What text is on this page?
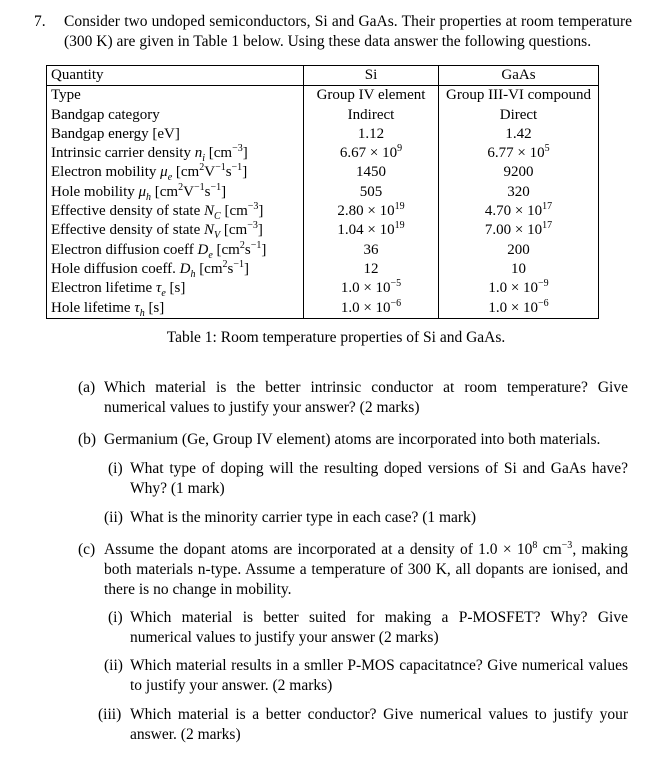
7. Consider two undoped semiconductors, Si and GaAs. Their properties at room temperature (300 K) are given in Table 1 below. Using these data answer the following questions.
Quantity	Si	GaAs
Type	Group IV element	Group III-VI compound
Bandgap category	Indirect	Direct
Bandgap energy [eV]	1.12	1.42
Intrinsic carrier density $n_i$ $[cm^{-3}]$	$6.67 \times 10^9$	$6.77 \times 10^5$
Electron mobility $\mu_e$ $[cm^2V^{-1}s^{-1}]$	1450	9200
Hole mobility $\mu_h$ $[cm^2V^{-1}s^{-1}]$	505	320
Effective density of state $N_C$ $[cm^{-3}]$	$2.80 \times 10^{19}$	$4.70 \times 10^{17}$
Effective density of state $N_V$ $[cm^{-3}]$	$1.04 \times 10^{19}$	$7.00 \times 10^{17}$
Electron diffusion coeff $D_e$ $[cm^2s^{-1}]$	36	200
Hole diffusion coeff. $D_h$ $[cm^2s^{-1}]$	12	10
Electron lifetime $\tau_e$ [s]	$1.0 \times 10^{-5}$	$1.0 \times 10^{-9}$
Hole lifetime $\tau_h$ [s]	$1.0 \times 10^{-6}$	$1.0 \times 10^{-6}$
Table 1: Room temperature properties of Si and GaAs.
(a) Which material is the better intrinsic conductor at room temperature? Give numerical values to justify your answer? (2 marks)
(b) Germanium (Ge, Group IV element) atoms are incorporated into both materials.
(i) What type of doping will the resulting doped versions of Si and GaAs have? Why? (1 mark)
(ii) What is the minority carrier type in each case? (1 mark)
(c) Assume the dopant atoms are incorporated at a density of $1.0 \times 10^8$ $cm^{-3}$, making both materials n-type. Assume a temperature of 300 K, all dopants are ionised, and there is no change in mobility.
(i) Which material is better suited for making a P-MOSFET? Why? Give numerical values to justify your answer (2 marks)
(ii) Which material results in a smller P-MOS capacitatnce? Give numerical values to justify your answer. (2 marks)
(iii) Which material is a better conductor? Give numerical values to justify your answer. (2 marks)
